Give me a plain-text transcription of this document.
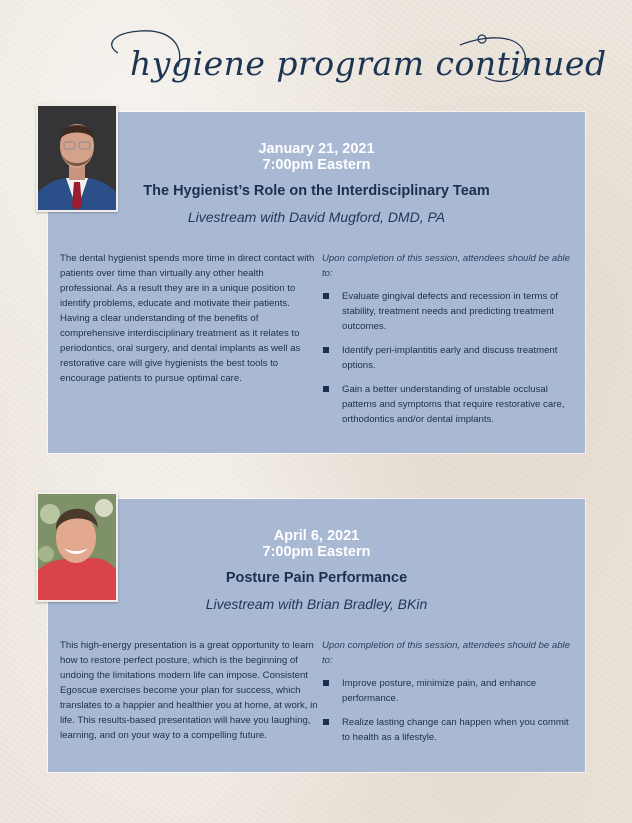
hygiene program continued
January 21, 2021
7:00pm Eastern
The Hygienist’s Role on the Interdisciplinary Team
Livestream with David Mugford, DMD, PA

The dental hygienist spends more time in direct contact with patients over time than virtually any other health professional. As a result they are in a unique position to identify problems, educate and motivate their patients. Having a clear understanding of the benefits of comprehensive interdisciplinary treatment as it relates to periodontics, oral surgery, and dental implants as well as restorative care will give hygienists the best tools to encourage patients to pursue optimal care.

Upon completion of this session, attendees should be able to:

Evaluate gingival defects and recession in terms of stability, treatment needs and predicting treatment outcomes.
Identify peri-implantitis early and discuss treatment options.
Gain a better understanding of unstable occlusal patterns and symptoms that require restorative care, orthodontics and/or dental implants.
April 6, 2021
7:00pm Eastern
Posture Pain Performance
Livestream with Brian Bradley, BKin

This high-energy presentation is a great opportunity to learn how to restore perfect posture, which is the beginning of undoing the limitations modern life can impose. Consistent Egoscue exercises become your plan for success, which translates to a happier and healthier you at home, at work, in life. This results-based presentation will have you laughing, learning, and on your way to a compelling future.

Upon completion of this session, attendees should be able to:

Improve posture, minimize pain, and enhance performance.
Realize lasting change can happen when you commit to health as a lifestyle.
